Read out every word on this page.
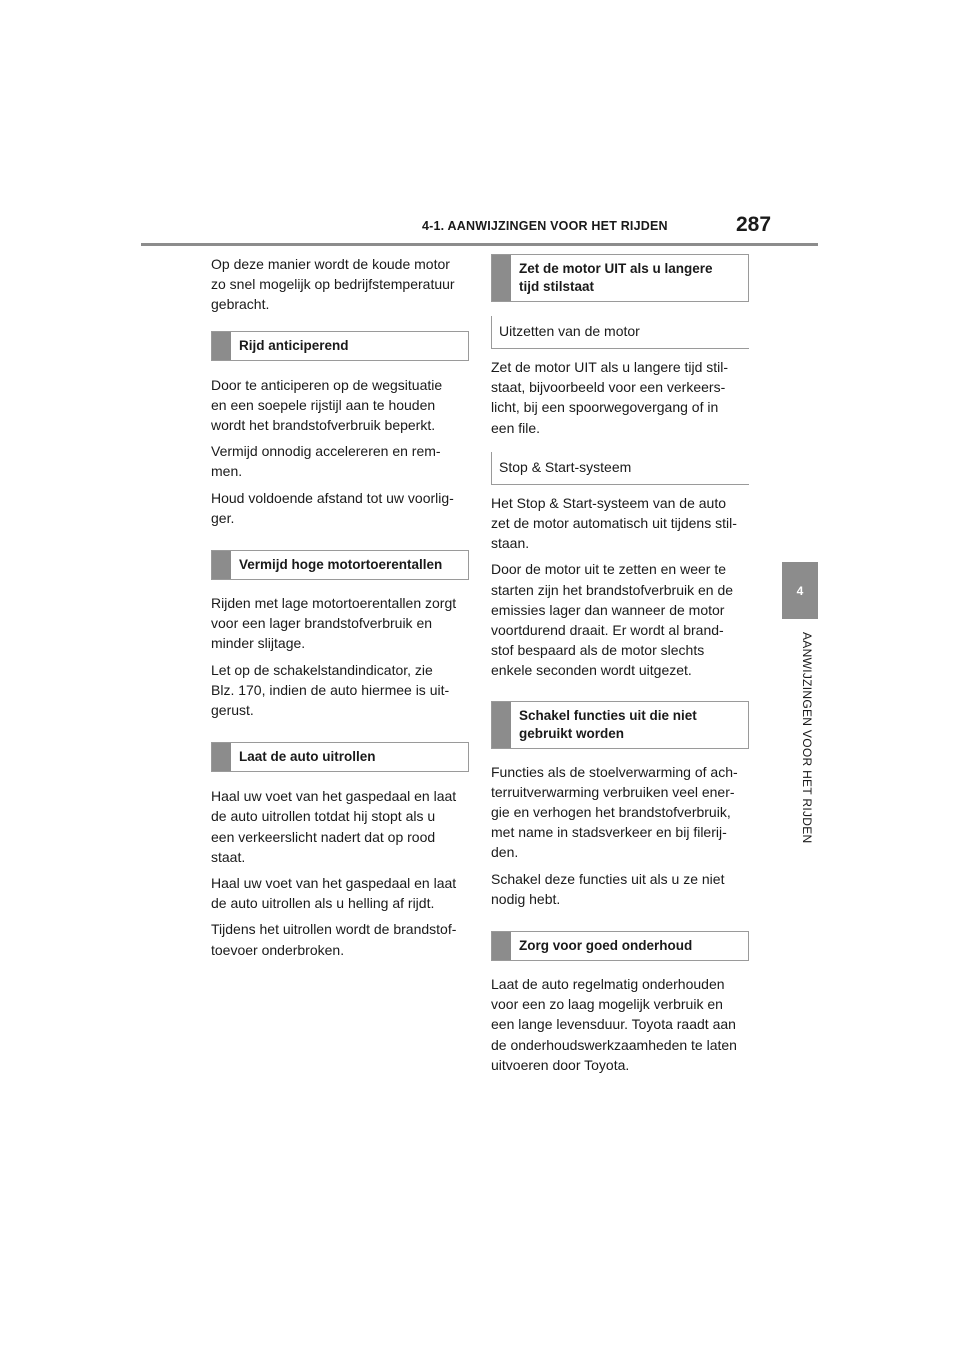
4-1. AANWIJZINGEN VOOR HET RIJDEN	287
4
AANWIJZINGEN VOOR HET RIJDEN

Op deze manier wordt de koude motor
zo snel mogelijk op bedrijfstemperatuur
gebracht.

Rijd anticiperend

Door te anticiperen op de wegsituatie
en een soepele rijstijl aan te houden
wordt het brandstofverbruik beperkt.

Vermijd onnodig accelereren en rem-
men.

Houd voldoende afstand tot uw voorlig-
ger.

Vermijd hoge motortoerentallen

Rijden met lage motortoerentallen zorgt
voor een lager brandstofverbruik en
minder slijtage.

Let op de schakelstandindicator, zie
Blz. 170, indien de auto hiermee is uit-
gerust.

Laat de auto uitrollen

Haal uw voet van het gaspedaal en laat
de auto uitrollen totdat hij stopt als u
een verkeerslicht nadert dat op rood
staat.

Haal uw voet van het gaspedaal en laat
de auto uitrollen als u helling af rijdt.

Tijdens het uitrollen wordt de brandstof-
toevoer onderbroken.

Zet de motor UIT als u langere
tijd stilstaat
Uitzetten van de motor

Zet de motor UIT als u langere tijd stil-
staat, bijvoorbeeld voor een verkeers-
licht, bij een spoorwegovergang of in
een file.

Stop & Start-systeem

Het Stop & Start-systeem van de auto
zet de motor automatisch uit tijdens stil-
staan.

Door de motor uit te zetten en weer te
starten zijn het brandstofverbruik en de
emissies lager dan wanneer de motor
voortdurend draait. Er wordt al brand-
stof bespaard als de motor slechts
enkele seconden wordt uitgezet.

Schakel functies uit die niet
gebruikt worden

Functies als de stoelverwarming of ach-
terruitverwarming verbruiken veel ener-
gie en verhogen het brandstofverbruik,
met name in stadsverkeer en bij filerij-
den.

Schakel deze functies uit als u ze niet
nodig hebt.

Zorg voor goed onderhoud

Laat de auto regelmatig onderhouden
voor een zo laag mogelijk verbruik en
een lange levensduur. Toyota raadt aan
de onderhoudswerkzaamheden te laten
uitvoeren door Toyota.
